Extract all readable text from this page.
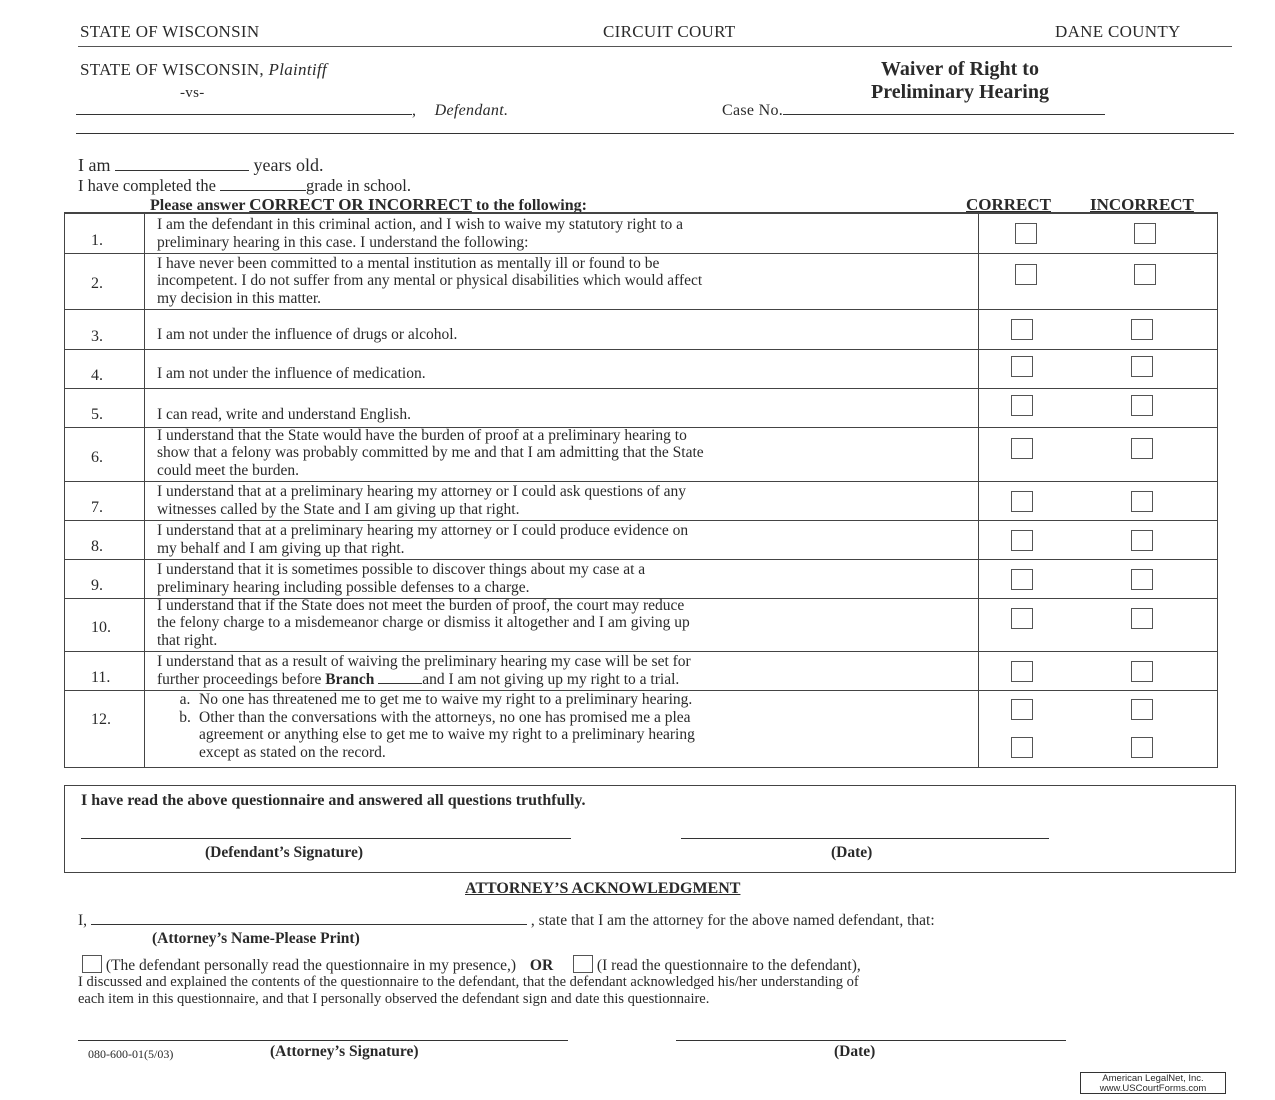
STATE OF WISCONSIN	CIRCUIT COURT	DANE COUNTY
STATE OF WISCONSIN, Plaintiff
-vs-
, Defendant.
Waiver of Right to
Preliminary Hearing
Case No.
I am	years old.
I have completed the	grade in school.
Please answer CORRECT OR INCORRECT to the following:	CORRECT INCORRECT
1.
I am the defendant in this criminal action, and I wish to waive my statutory right to a
preliminary hearing in this case. I understand the following:
2.
I have never been committed to a mental institution as mentally ill or found to be
incompetent. I do not suffer from any mental or physical disabilities which would affect
my decision in this matter.
3.	I am not under the influence of drugs or alcohol.
4.	I am not under the influence of medication.
5.	I can read, write and understand English.
6.
I understand that the State would have the burden of proof at a preliminary hearing to
show that a felony was probably committed by me and that I am admitting that the State
could meet the burden.
7.
I understand that at a preliminary hearing my attorney or I could ask questions of any
witnesses called by the State and I am giving up that right.
8.
I understand that at a preliminary hearing my attorney or I could produce evidence on
my behalf and I am giving up that right.
9.
I understand that it is sometimes possible to discover things about my case at a
preliminary hearing including possible defenses to a charge.
10.
I understand that if the State does not meet the burden of proof, the court may reduce
the felony charge to a misdemeanor charge or dismiss it altogether and I am giving up
that right.
11.
I understand that as a result of waiving the preliminary hearing my case will be set for
further proceedings before Branch	and I am not giving up my right to a trial.
12.
a. No one has threatened me to get me to waive my right to a preliminary hearing.
b. Other than the conversations with the attorneys, no one has promised me a plea
agreement or anything else to get me to waive my right to a preliminary hearing
except as stated on the record.
I have read the above questionnaire and answered all questions truthfully.
(Defendant’s Signature)	(Date)
ATTORNEY’S ACKNOWLEDGMENT
I,	, state that I am the attorney for the above named defendant, that:
(Attorney’s Name-Please Print)
(The defendant personally read the questionnaire in my presence,) OR	(I read the questionnaire to the defendant),
I discussed and explained the contents of the questionnaire to the defendant, that the defendant acknowledged his/her understanding of
each item in this questionnaire, and that I personally observed the defendant sign and date this questionnaire.
080-600-01(5/03)	(Attorney’s Signature)	(Date)
American LegalNet, Inc.
www.USCourtForms.com
